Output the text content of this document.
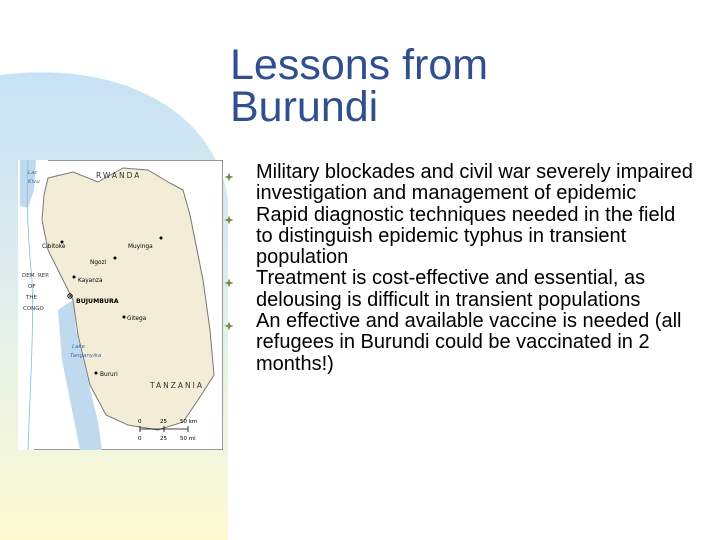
Lessons from
Burundi
RWANDA
TANZANIA
DEM. REP.
OF
THE
CONGO
Lac
Kivu
Lake
Tanganyika
Cibitoke	Muyinga
Ngozi
Kayanza
BUJUMBURA
Gitega
Bururi
0	25 50 km
0	25 50 mi
Military blockades and civil war severely impaired investigation and management of epidemic
Rapid diagnostic techniques needed in the field to distinguish epidemic typhus in transient population
Treatment is cost-effective and essential, as delousing is difficult in transient populations
An effective and available vaccine is needed (all refugees in Burundi could be vaccinated in 2 months!)
